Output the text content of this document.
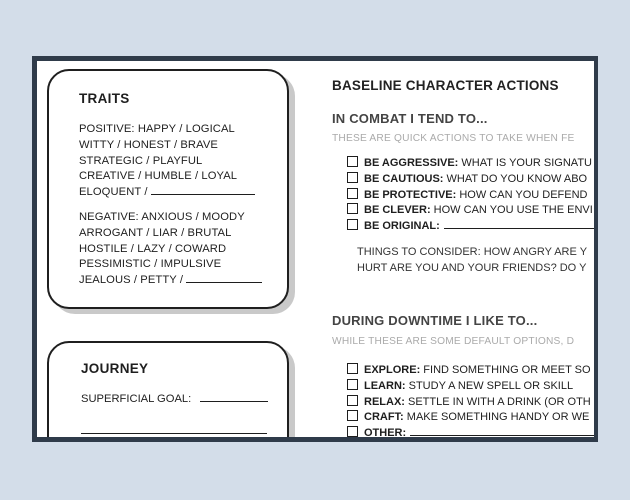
TRAITS
POSITIVE: HAPPY / LOGICAL
WITTY / HONEST / BRAVE
STRATEGIC / PLAYFUL
CREATIVE / HUMBLE / LOYAL
ELOQUENT /
NEGATIVE: ANXIOUS / MOODY
ARROGANT / LIAR / BRUTAL
HOSTILE / LAZY / COWARD
PESSIMISTIC / IMPULSIVE
JEALOUS / PETTY /
JOURNEY
SUPERFICIAL GOAL:
BASELINE CHARACTER ACTIONS
IN COMBAT I TEND TO...
THESE ARE QUICK ACTIONS TO TAKE WHEN FE
BE AGGRESSIVE: WHAT IS YOUR SIGNATU
BE CAUTIOUS: WHAT DO YOU KNOW ABO
BE PROTECTIVE: HOW CAN YOU DEFEND
BE CLEVER: HOW CAN YOU USE THE ENVI
BE ORIGINAL:
THINGS TO CONSIDER: HOW ANGRY ARE Y
HURT ARE YOU AND YOUR FRIENDS? DO Y
DURING DOWNTIME I LIKE TO...
WHILE THESE ARE SOME DEFAULT OPTIONS, D
EXPLORE: FIND SOMETHING OR MEET SO
LEARN: STUDY A NEW SPELL OR SKILL
RELAX: SETTLE IN WITH A DRINK (OR OTH
CRAFT: MAKE SOMETHING HANDY OR WE
OTHER:
